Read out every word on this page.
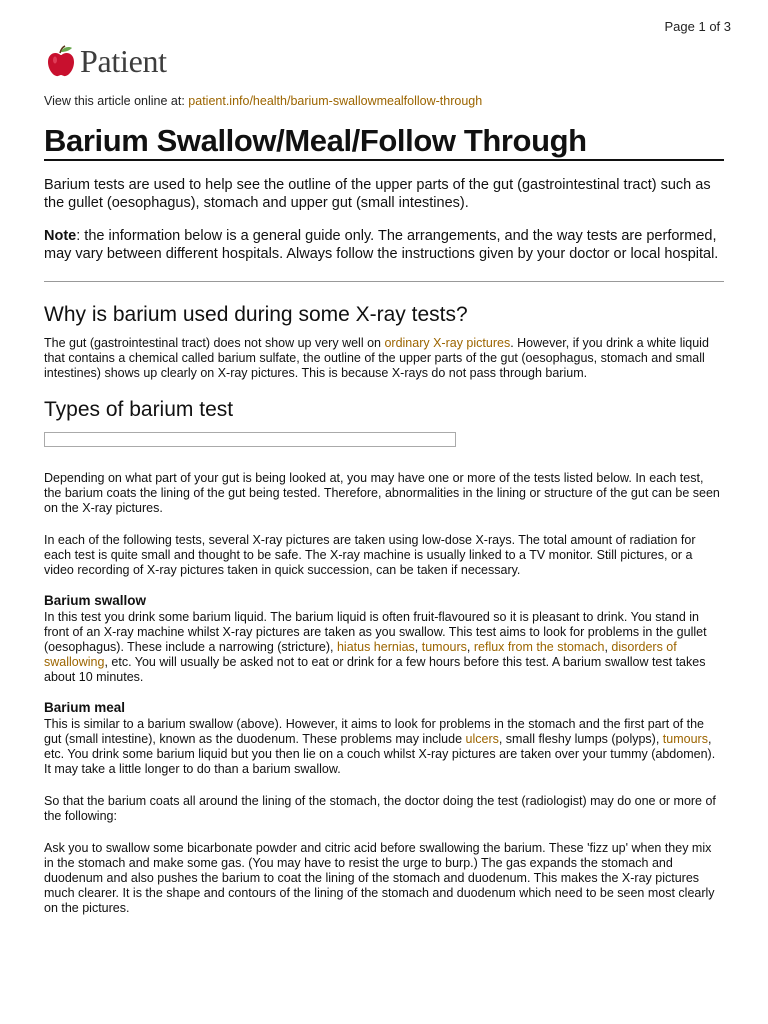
Page 1 of 3
Patient
View this article online at: patient.info/health/barium-swallowmealfollow-through
Barium Swallow/Meal/Follow Through

Barium tests are used to help see the outline of the upper parts of the gut (gastrointestinal tract) such as the gullet (oesophagus), stomach and upper gut (small intestines).

Note: the information below is a general guide only. The arrangements, and the way tests are performed, may vary between different hospitals. Always follow the instructions given by your doctor or local hospital.

Why is barium used during some X-ray tests?

The gut (gastrointestinal tract) does not show up very well on ordinary X-ray pictures. However, if you drink a white liquid that contains a chemical called barium sulfate, the outline of the upper parts of the gut (oesophagus, stomach and small intestines) shows up clearly on X-ray pictures. This is because X-rays do not pass through barium.

Types of barium test

Depending on what part of your gut is being looked at, you may have one or more of the tests listed below. In each test, the barium coats the lining of the gut being tested. Therefore, abnormalities in the lining or structure of the gut can be seen on the X-ray pictures.

In each of the following tests, several X-ray pictures are taken using low-dose X-rays. The total amount of radiation for each test is quite small and thought to be safe. The X-ray machine is usually linked to a TV monitor. Still pictures, or a video recording of X-ray pictures taken in quick succession, can be taken if necessary.

Barium swallow

In this test you drink some barium liquid. The barium liquid is often fruit-flavoured so it is pleasant to drink. You stand in front of an X-ray machine whilst X-ray pictures are taken as you swallow. This test aims to look for problems in the gullet (oesophagus). These include a narrowing (stricture), hiatus hernias, tumours, reflux from the stomach, disorders of swallowing, etc. You will usually be asked not to eat or drink for a few hours before this test. A barium swallow test takes about 10 minutes.

Barium meal

This is similar to a barium swallow (above). However, it aims to look for problems in the stomach and the first part of the gut (small intestine), known as the duodenum. These problems may include ulcers, small fleshy lumps (polyps), tumours, etc. You drink some barium liquid but you then lie on a couch whilst X-ray pictures are taken over your tummy (abdomen). It may take a little longer to do than a barium swallow.

So that the barium coats all around the lining of the stomach, the doctor doing the test (radiologist) may do one or more of the following:

Ask you to swallow some bicarbonate powder and citric acid before swallowing the barium. These 'fizz up' when they mix in the stomach and make some gas. (You may have to resist the urge to burp.) The gas expands the stomach and duodenum and also pushes the barium to coat the lining of the stomach and duodenum. This makes the X-ray pictures much clearer. It is the shape and contours of the lining of the stomach and duodenum which need to be seen most clearly on the pictures.
